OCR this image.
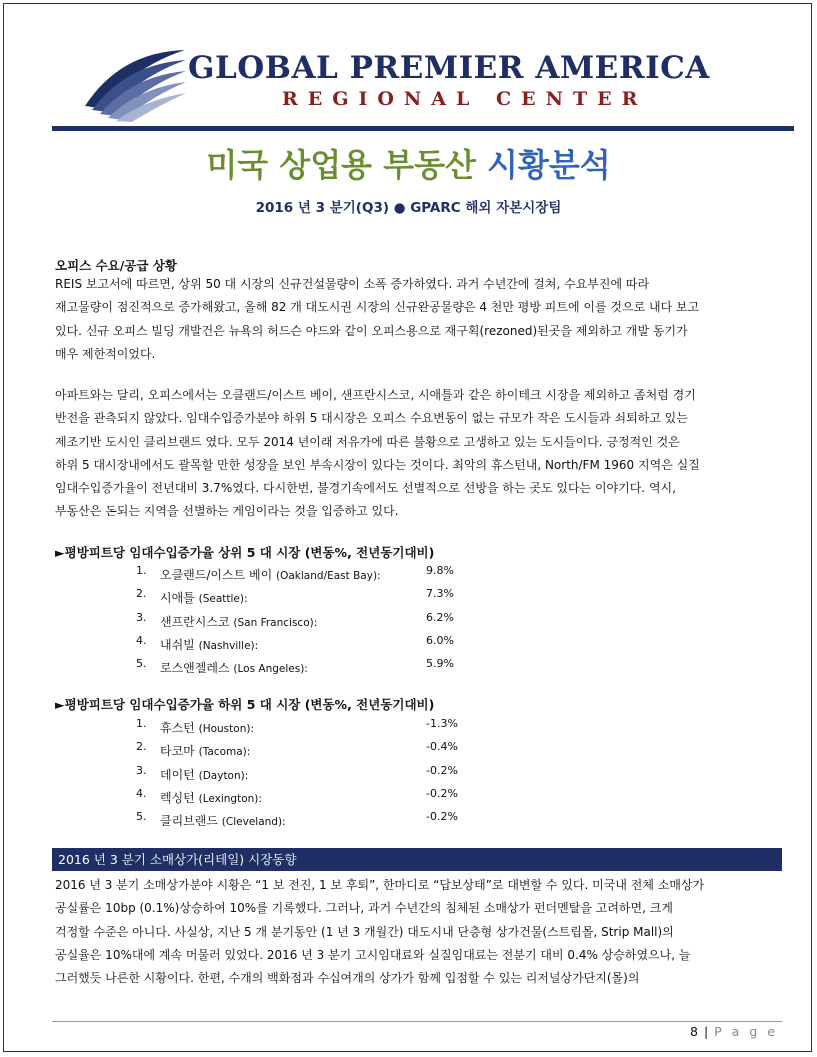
GLOBAL PREMIER AMERICA
REGIONAL CENTER
미국 상업용 부동산 시황분석
2016 년 3 분기(Q3) ● GPARC 해외 자본시장팀
오피스 수요/공급 상황
REIS 보고서에 따르면, 상위 50 대 시장의 신규건설물량이 소폭 증가하였다. 과거 수년간에 걸쳐, 수요부진에 따라
재고물량이 점진적으로 증가해왔고, 올해 82 개 대도시권 시장의 신규완공물량은 4 천만 평방 피트에 이를 것으로 내다 보고
있다. 신규 오피스 빌딩 개발건은 뉴욕의 허드슨 야드와 같이 오피스용으로 재구획(rezoned)된곳을 제외하고 개발 동기가
매우 제한적이었다.
아파트와는 달리, 오피스에서는 오클랜드/이스트 베이, 샌프란시스코, 시애틀과 같은 하이테크 시장을 제외하고 좀처럼 경기
반전을 관측되지 않았다. 임대수입증가분야 하위 5 대시장은 오피스 수요변동이 없는 규모가 작은 도시들과 쇠퇴하고 있는
제조기반 도시인 클리브랜드 였다. 모두 2014 년이래 저유가에 따른 불황으로 고생하고 있는 도시들이다. 긍정적인 것은
하위 5 대시장내에서도 괄목할 만한 성장을 보인 부속시장이 있다는 것이다. 최악의 휴스턴내, North/FM 1960 지역은 실질
임대수입증가율이 전년대비 3.7%였다. 다시한번, 불경기속에서도 선별적으로 선방을 하는 곳도 있다는 이야기다. 역시,
부동산은 돈되는 지역을 선별하는 게임이라는 것을 입증하고 있다.
►평방피트당 임대수입증가율 상위 5 대 시장 (변동%, 전년동기대비)
1. 오클랜드/이스트 베이 (Oakland/East Bay):	9.8%
2. 시애틀 (Seattle):	7.3%
3. 샌프란시스코 (San Francisco):	6.2%
4. 내쉬빌 (Nashville):	6.0%
5. 로스앤젤레스 (Los Angeles):	5.9%
►평방피트당 임대수입증가율 하위 5 대 시장 (변동%, 전년동기대비)
1. 휴스턴 (Houston):	-1.3%
2. 타코마 (Tacoma):	-0.4%
3. 데이턴 (Dayton):	-0.2%
4. 렉싱턴 (Lexington):	-0.2%
5. 클리브랜드 (Cleveland):	-0.2%
2016 년 3 분기 소매상가(리테일) 시장동향
2016 년 3 분기 소매상가분야 시황은 “1 보 전진, 1 보 후퇴”, 한마디로 “답보상태”로 대변할 수 있다. 미국내 전체 소매상가
공실률은 10bp (0.1%)상승하여 10%를 기록했다. 그러나, 과거 수년간의 침체된 소매상가 펀더멘탈을 고려하면, 크게
걱정할 수준은 아니다. 사실상, 지난 5 개 분기동안 (1 년 3 개월간) 대도시내 단층형 상가건물(스트립몰, Strip Mall)의
공실율은 10%대에 계속 머물러 있었다. 2016 년 3 분기 고시임대료와 실질임대료는 전분기 대비 0.4% 상승하였으나, 늘
그러했듯 나른한 시황이다. 한편, 수개의 백화점과 수십여개의 상가가 함께 입점할 수 있는 리저널상가단지(몰)의
8 | P a g e
